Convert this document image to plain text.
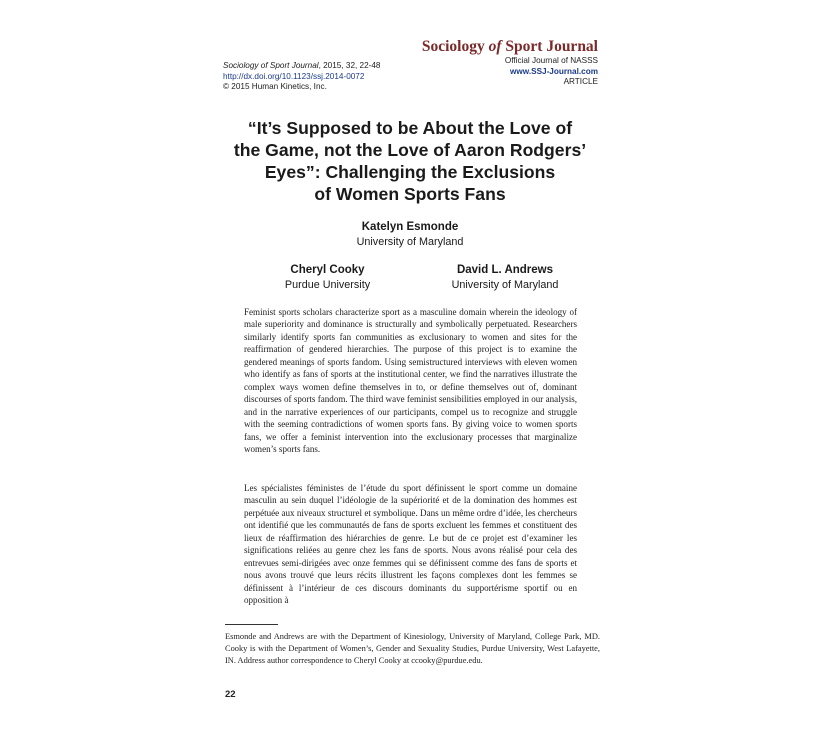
Sociology of Sport Journal, 2015, 32, 22-48
http://dx.doi.org/10.1123/ssj.2014-0072
© 2015 Human Kinetics, Inc.
Sociology of Sport Journal
Official Journal of NASSS
www.SSJ-Journal.com
ARTICLE
“It’s Supposed to be About the Love of
the Game, not the Love of Aaron Rodgers’
Eyes”: Challenging the Exclusions
of Women Sports Fans
Katelyn Esmonde
University of Maryland
Cheryl Cooky
Purdue University
David L. Andrews
University of Maryland
Feminist sports scholars characterize sport as a masculine domain wherein the ideology of male superiority and dominance is structurally and symbolically perpetuated. Researchers similarly identify sports fan communities as exclusionary to women and sites for the reaffirmation of gendered hierarchies. The purpose of this project is to examine the gendered meanings of sports fandom. Using semistructured interviews with eleven women who identify as fans of sports at the institutional center, we find the narratives illustrate the complex ways women define themselves in to, or define themselves out of, dominant discourses of sports fandom. The third wave feminist sensibilities employed in our analysis, and in the narrative experiences of our participants, compel us to recognize and struggle with the seeming contradictions of women sports fans. By giving voice to women sports fans, we offer a feminist intervention into the exclusionary processes that marginalize women’s sports fans.
Les spécialistes féministes de l’étude du sport définissent le sport comme un domaine masculin au sein duquel l’idéologie de la supériorité et de la domination des hommes est perpétuée aux niveaux structurel et symbolique. Dans un même ordre d’idée, les chercheurs ont identifié que les communautés de fans de sports excluent les femmes et constituent des lieux de réaffirmation des hiérarchies de genre. Le but de ce projet est d’examiner les significations reliées au genre chez les fans de sports. Nous avons réalisé pour cela des entrevues semi-dirigées avec onze femmes qui se définissent comme des fans de sports et nous avons trouvé que leurs récits illustrent les façons complexes dont les femmes se définissent à l’intérieur de ces discours dominants du supportérisme sportif ou en opposition à
Esmonde and Andrews are with the Department of Kinesiology, University of Maryland, College Park, MD. Cooky is with the Department of Women’s, Gender and Sexuality Studies, Purdue University, West Lafayette, IN. Address author correspondence to Cheryl Cooky at ccooky@purdue.edu.
22
